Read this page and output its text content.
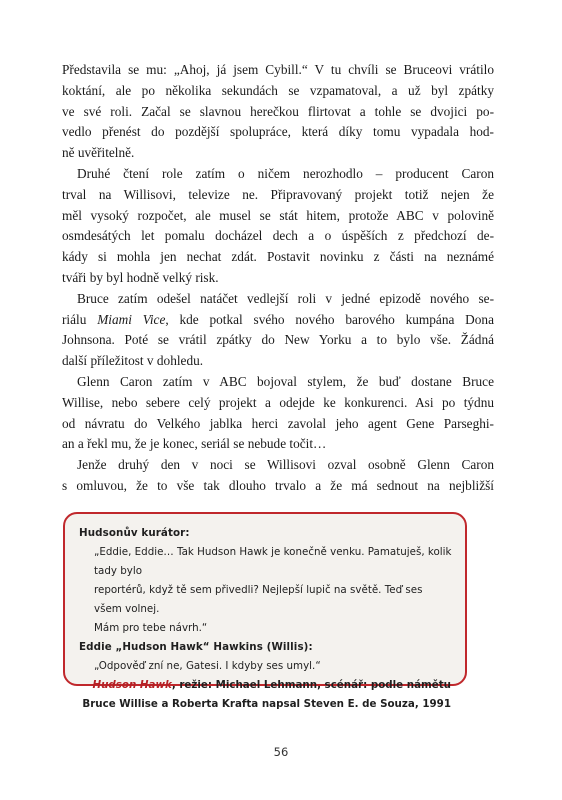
Představila se mu: „Ahoj, já jsem Cybill.“ V tu chvíli se Bruceovi vrátilo
koktání, ale po několika sekundách se vzpamatoval, a už byl zpátky
ve své roli. Začal se slavnou herečkou flirtovat a tohle se dvojici po-
vedlo přenést do pozdější spolupráce, která díky tomu vypadala hod-
ně uvěřitelně.

Druhé čtení role zatím o ničem nerozhodlo – producent Caron
trval na Willisovi, televize ne. Připravovaný projekt totiž nejen že
měl vysoký rozpočet, ale musel se stát hitem, protože ABC v polovině
osmdesátých let pomalu docházel dech a o úspěších z předchozí de-
kády si mohla jen nechat zdát. Postavit novinku z části na neznámé
tváři by byl hodně velký risk.

Bruce zatím odešel natáčet vedlejší roli v jedné epizodě nového se-
riálu Miami Vice, kde potkal svého nového barového kumpána Dona
Johnsona. Poté se vrátil zpátky do New Yorku a to bylo vše. Žádná
další příležitost v dohledu.

Glenn Caron zatím v ABC bojoval stylem, že buď dostane Bruce
Willise, nebo sebere celý projekt a odejde ke konkurenci. Asi po týdnu
od návratu do Velkého jablka herci zavolal jeho agent Gene Parseghi-
an a řekl mu, že je konec, seriál se nebude točit…

Jenže druhý den v noci se Willisovi ozval osobně Glenn Caron
s omluvou, že to vše tak dlouho trvalo a že má sednout na nejbližší

Hudsonův kurátor:
„Eddie, Eddie… Tak Hudson Hawk je konečně venku. Pamatuješ, kolik tady bylo
reportérů, když tě sem přivedli? Nejlepší lupič na světě. Teď ses všem volnej.
Mám pro tebe návrh.“
Eddie „Hudson Hawk“ Hawkins (Willis):
„Odpověď zní ne, Gatesi. I kdyby ses umyl.“
Hudson Hawk, režie: Michael Lehmann, scénář: podle námětu
Bruce Willise a Roberta Krafta napsal Steven E. de Souza, 1991
56
